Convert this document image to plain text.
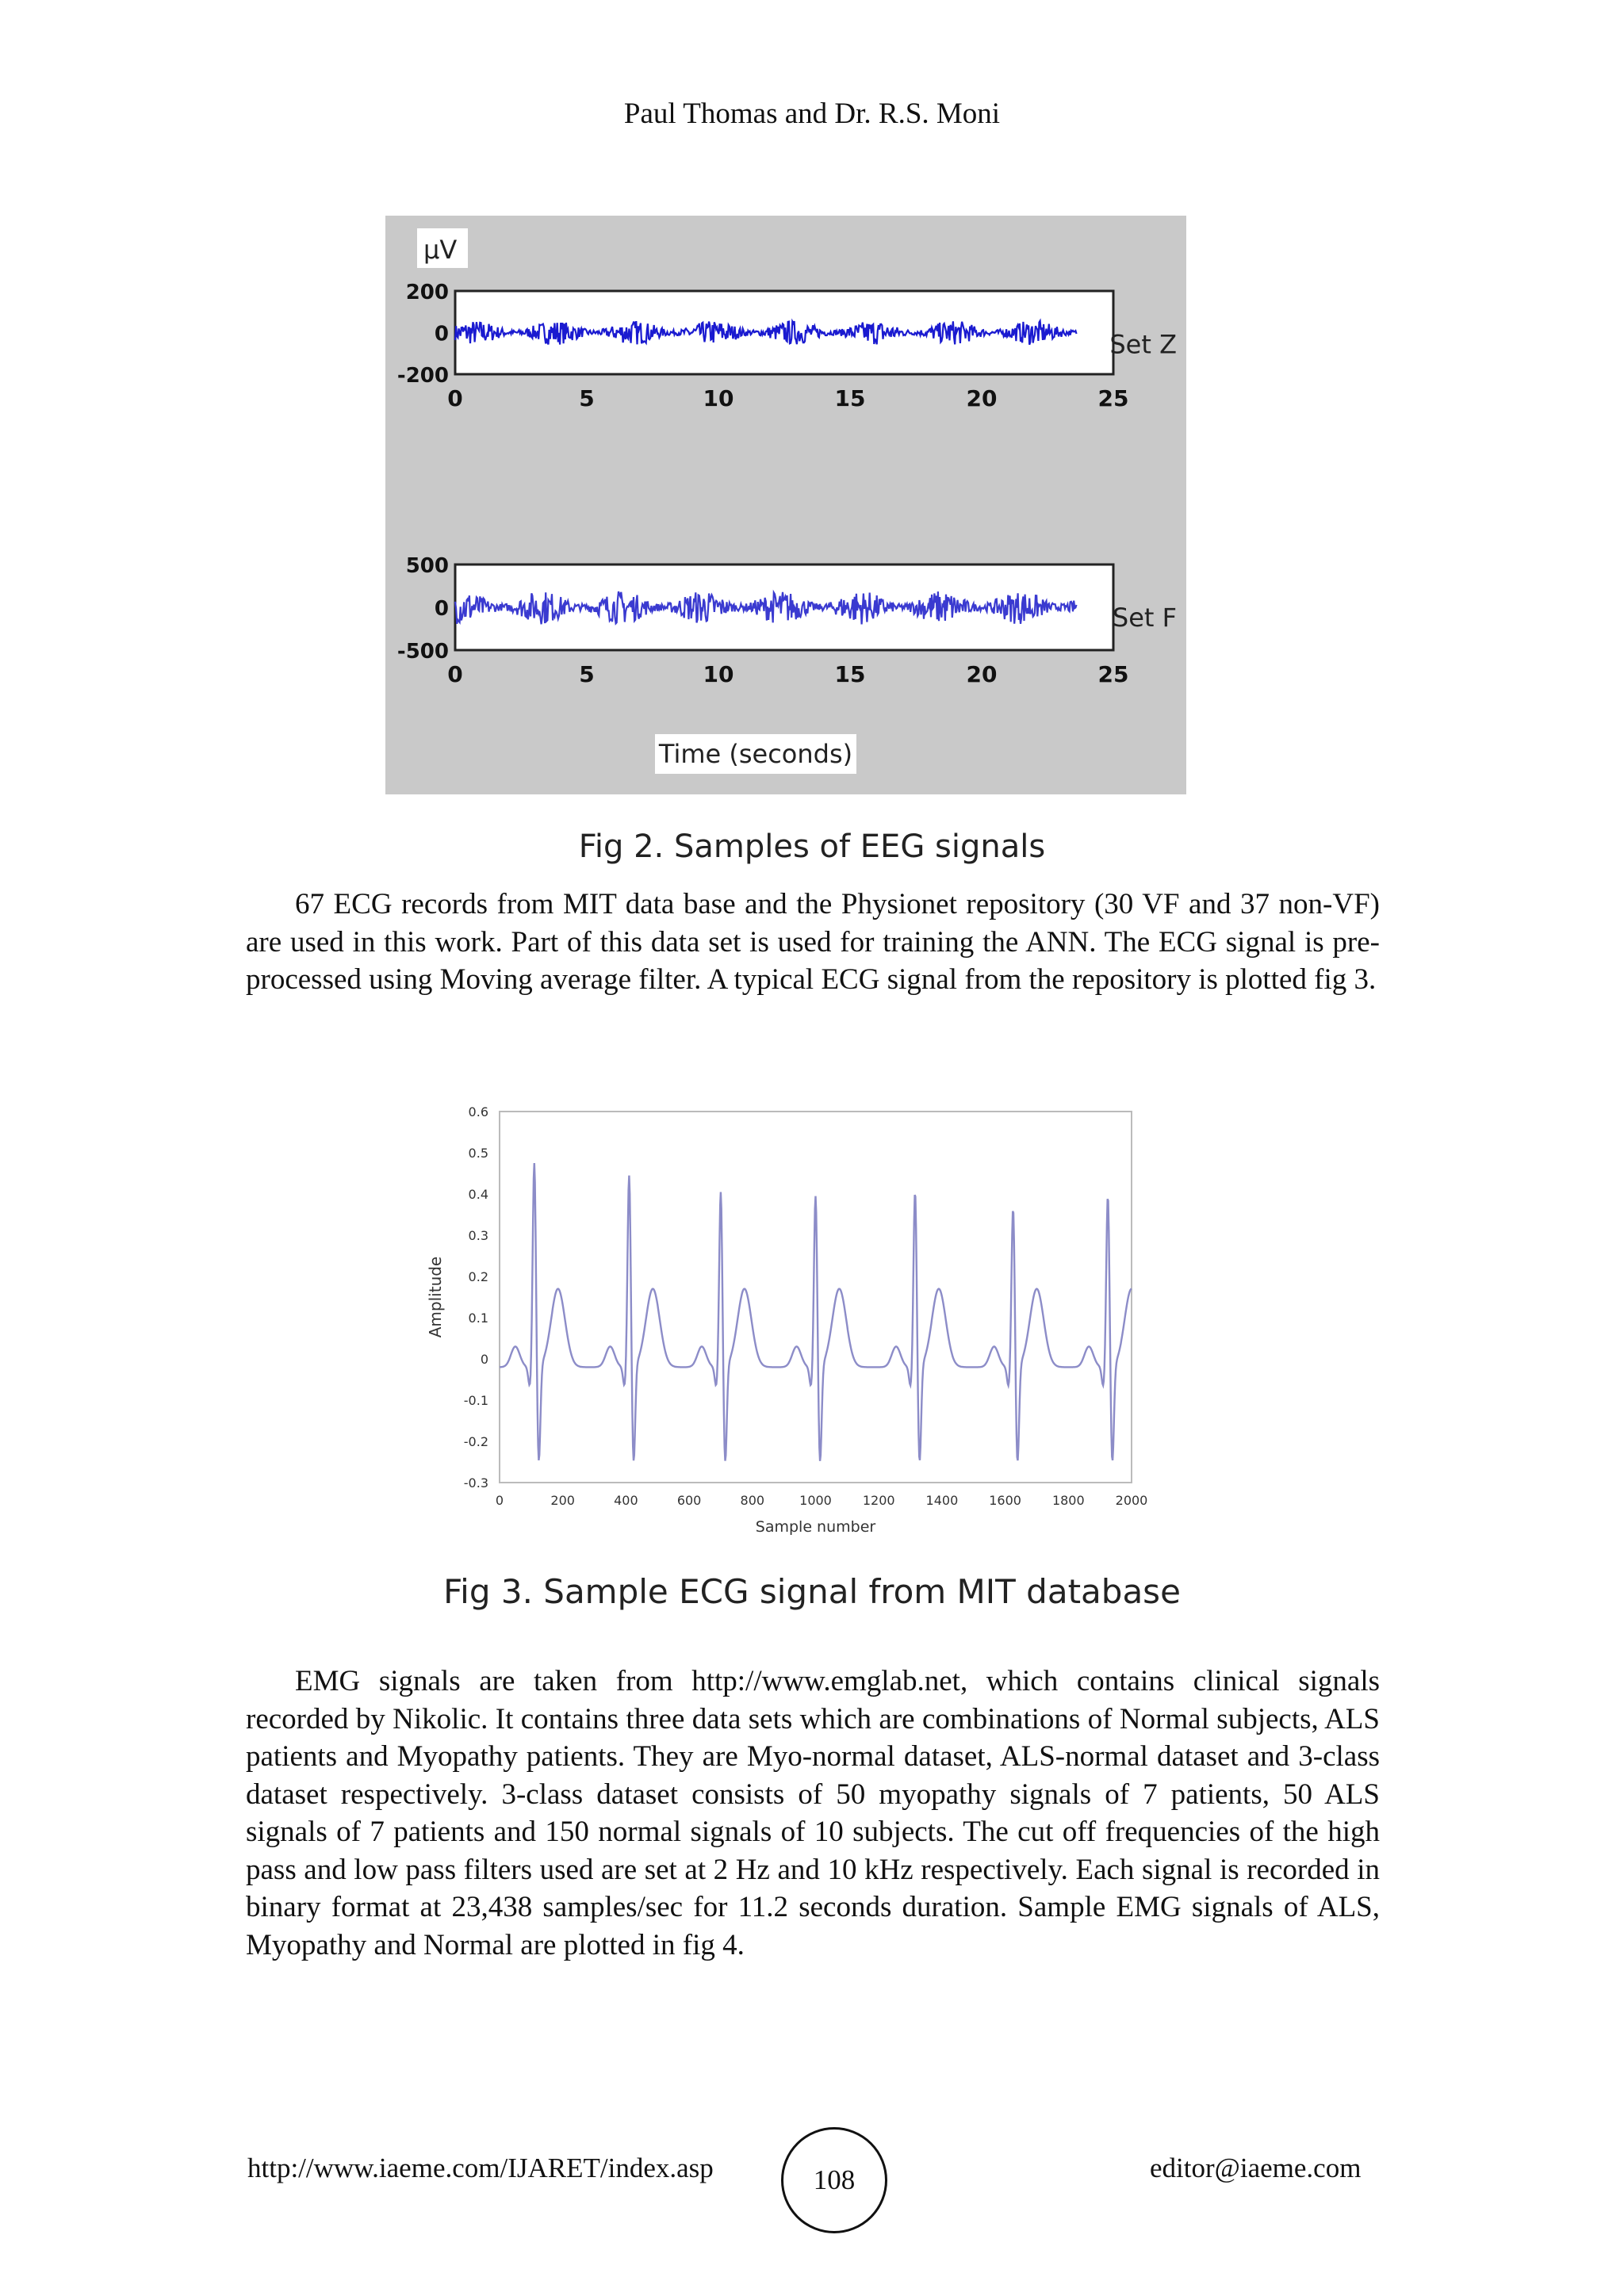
Paul Thomas and Dr. R.S. Moni
µV
200
0
-200
0	5	10	15	20	25
Set Z
500
0
-500
0	5	10	15	20	25
Set F
Time (seconds)
Fig 2. Samples of EEG signals

67 ECG records from MIT data base and the Physionet repository (30 VF and 37 non-VF) are used in this work. Part of this data set is used for training the ANN. The ECG signal is pre- processed using Moving average filter. A typical ECG signal from the repository is plotted fig 3.

0.6
0.5
0.4
0.3
0.2
0.1
0
-0.1
-0.2
-0.3
0	200	400	600	800	1000 1200 1400 1600 1800 2000
Sample number
Amplitude
Fig 3. Sample ECG signal from MIT database

EMG signals are taken from http://www.emglab.net, which contains clinical signals recorded by Nikolic. It contains three data sets which are combinations of Normal subjects, ALS patients and Myopathy patients. They are Myo-normal dataset, ALS-normal dataset and 3-class dataset respectively. 3-class dataset consists of 50 myopathy signals of 7 patients, 50 ALS signals of 7 patients and 150 normal signals of 10 subjects. The cut off frequencies of the high pass and low pass filters used are set at 2 Hz and 10 kHz respectively. Each signal is recorded in binary format at 23,438 samples/sec for 11.2 seconds duration. Sample EMG signals of ALS, Myopathy and Normal are plotted in fig 4.

http://www.iaeme.com/IJARET/index.asp	108	editor@iaeme.com
